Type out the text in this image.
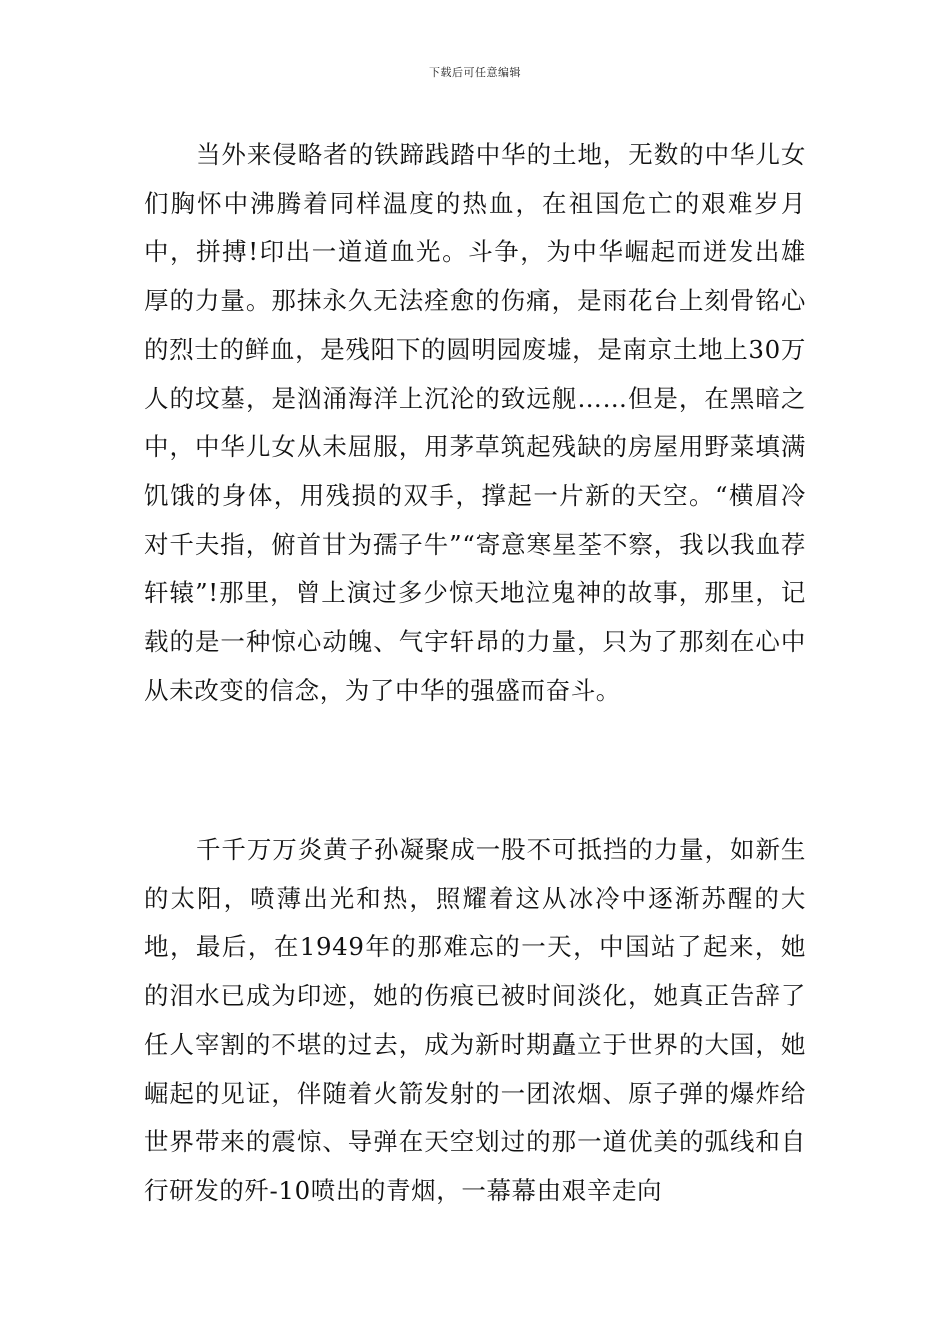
下载后可任意编辑

当外来侵略者的铁蹄践踏中华的土地，无数的中华儿女们胸怀中沸腾着同样温度的热血，在祖国危亡的艰难岁月中，拼搏!印出一道道血光。斗争，为中华崛起而迸发出雄厚的力量。那抹永久无法痊愈的伤痛，是雨花台上刻骨铭心的烈士的鲜血，是残阳下的圆明园废墟，是南京土地上30万人的坟墓，是汹涌海洋上沉沦的致远舰……但是，在黑暗之中，中华儿女从未屈服，用茅草筑起残缺的房屋用野菜填满饥饿的身体，用残损的双手，撑起一片新的天空。“横眉冷对千夫指，俯首甘为孺子牛”“寄意寒星荃不察，我以我血荐轩辕”!那里，曾上演过多少惊天地泣鬼神的故事，那里，记载的是一种惊心动魄、气宇轩昂的力量，只为了那刻在心中从未改变的信念，为了中华的强盛而奋斗。

千千万万炎黄子孙凝聚成一股不可抵挡的力量，如新生的太阳，喷薄出光和热，照耀着这从冰冷中逐渐苏醒的大地，最后，在1949年的那难忘的一天，中国站了起来，她的泪水已成为印迹，她的伤痕已被时间淡化，她真正告辞了任人宰割的不堪的过去，成为新时期矗立于世界的大国，她崛起的见证，伴随着火箭发射的一团浓烟、原子弹的爆炸给世界带来的震惊、导弹在天空划过的那一道优美的弧线和自行研发的歼-10喷出的青烟，一幕幕由艰辛走向
